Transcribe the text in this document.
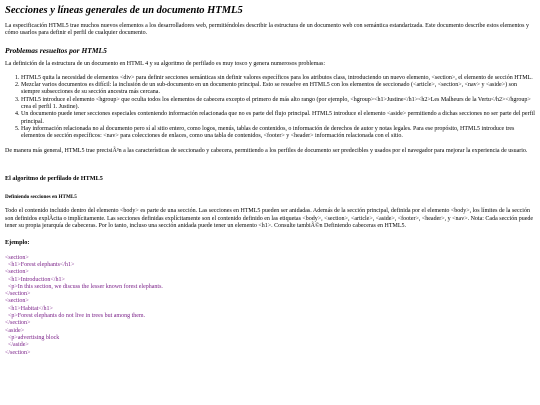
Secciones y líneas generales de un documento HTML5

La especificación HTML5 trae muchos nuevos elementos a los desarrolladores web, permitiéndoles describir la estructura de un documento web con semántica estandarizada. Este documento describe estos elementos y cómo usarlos para definir el perfil de cualquier documento.

Problemas resueltos por HTML5

La definición de la estructura de un documento en HTML 4 y su algoritmo de perfilado es muy tosco y genera numerosos problemas:

1. HTML5 quita la necesidad de elementos <div> para definir secciones semánticas sin definir valores específicos para los atributos class, introduciendo un nuevo elemento, <section>, el elemento de sección HTML.
2. Mezclar varios documentos es difícil: la inclusión de un sub-documento en un documento principal. Esto se resuelve en HTML5 con los elementos de seccionado (<article>, <section>, <nav> y <aside>) son siempre subsecciones de su sección ancestra más cercana.
3. HTML5 introduce el elemento <hgroup> que oculta todos los elementos de cabecera excepto el primero de más alto rango (por ejemplo, <hgroup><h1>Justine</h1><h2>Les Malheurs de la Vertu</h2></hgroup> crea el perfil 1. Justine).
4. Un documento puede tener secciones especiales conteniendo información relacionada que no es parte del flujo principal. HTML5 introduce el elemento <aside> permitiendo a dichas secciones no ser parte del perfil principal.
5. Hay información relacionada no al documento pero sí al sitio entero, como logos, menús, tablas de contenidos, o información de derechos de autor y notas legales. Para ese propósito, HTML5 introduce tres elementos de sección específicos: <nav> para colecciones de enlaces, como una tabla de contenidos, <footer> y <header> información relacionada con el sitio.

De manera más general, HTML5 trae precisiÃ³n a las características de seccionado y cabecera, permitiendo a los perfiles de documento ser predecibles y usados por el navegador para mejorar la experiencia de usuario.

El algoritmo de perfilado de HTML5
Definiendo secciones en HTML5

Todo el contenido incluido dentro del elemento <body> es parte de una sección. Las secciones en HTML5 pueden ser anidadas. Además de la sección principal, definida por el elemento <body>, los límites de la sección son definidos explÃcita o implícitamente. Las secciones definidas explícitamente son el contenido definido en las etiquetas <body>, <section>, <article>, <aside>, <footer>, <header>, y <nav>. Nota: Cada sección puede tener su propia jerarquía de cabeceras. Por lo tanto, incluso una sección anidada puede tener un elemento <h1>. Consulte tambiÃ©n Definiendo cabeceras en HTML5.

Ejemplo:
<section>
<h1>Forest elephants</h1>
<section>
<h1>Introduction</h1>
<p>In this section, we discuss the lesser known forest elephants.
</section>
<section>
<h1>Habitat</h1>
<p>Forest elephants do not live in trees but among them.
</section>
<aside>
<p>advertising block
</aside>
</section>
